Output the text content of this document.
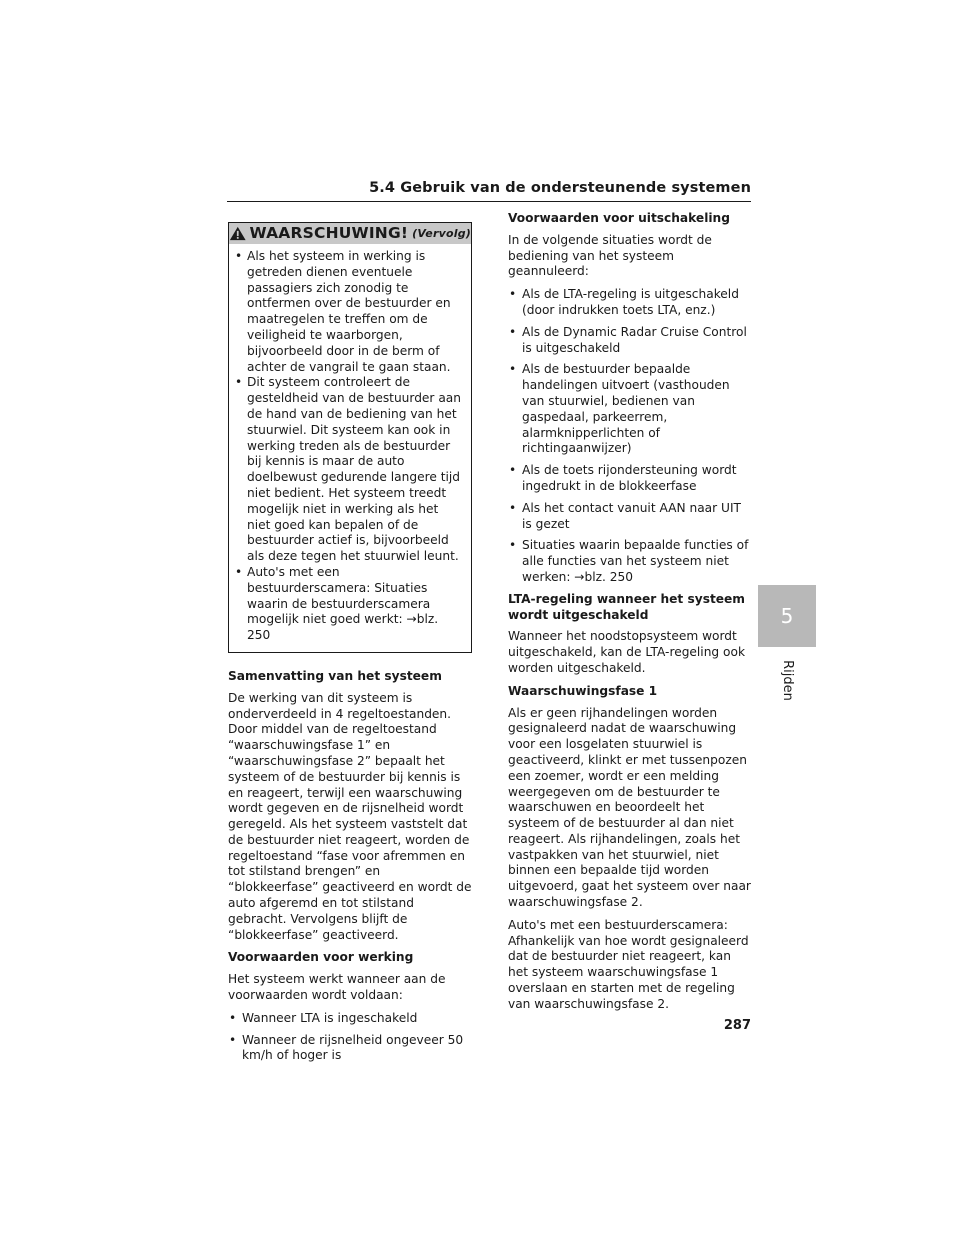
5.4 Gebruik van de ondersteunende systemen
5
Rijden
WAARSCHUWING! (Vervolg)
• Als het systeem in werking is getreden dienen eventuele passagiers zich zonodig te ontfermen over de bestuurder en maatregelen te treffen om de veiligheid te waarborgen, bijvoorbeeld door in de berm of achter de vangrail te gaan staan.
• Dit systeem controleert de gesteldheid van de bestuurder aan de hand van de bediening van het stuurwiel. Dit systeem kan ook in werking treden als de bestuurder bij kennis is maar de auto doelbewust gedurende langere tijd niet bedient. Het systeem treedt mogelijk niet in werking als het niet goed kan bepalen of de bestuurder actief is, bijvoorbeeld als deze tegen het stuurwiel leunt.
• Auto's met een bestuurderscamera: Situaties waarin de bestuurderscamera mogelijk niet goed werkt: →blz. 250
Samenvatting van het systeem

De werking van dit systeem is onderverdeeld in 4 regeltoestanden. Door middel van de regeltoestand “waarschuwingsfase 1” en “waarschuwingsfase 2” bepaalt het systeem of de bestuurder bij kennis is en reageert, terwijl een waarschuwing wordt gegeven en de rijsnelheid wordt geregeld. Als het systeem vaststelt dat de bestuurder niet reageert, worden de regeltoestand “fase voor afremmen en tot stilstand brengen” en “blokkeerfase” geactiveerd en wordt de auto afgeremd en tot stilstand gebracht. Vervolgens blijft de “blokkeerfase” geactiveerd.

Voorwaarden voor werking

Het systeem werkt wanneer aan de voorwaarden wordt voldaan:

• Wanneer LTA is ingeschakeld
• Wanneer de rijsnelheid ongeveer 50 km/h of hoger is
Voorwaarden voor uitschakeling

In de volgende situaties wordt de bediening van het systeem geannuleerd:

• Als de LTA-regeling is uitgeschakeld (door indrukken toets LTA, enz.)
• Als de Dynamic Radar Cruise Control is uitgeschakeld
• Als de bestuurder bepaalde handelingen uitvoert (vasthouden van stuurwiel, bedienen van gaspedaal, parkeerrem, alarmknipperlichten of richtingaanwijzer)
• Als de toets rijondersteuning wordt ingedrukt in de blokkeerfase
• Als het contact vanuit AAN naar UIT is gezet
• Situaties waarin bepaalde functies of alle functies van het systeem niet werken: →blz. 250
LTA-regeling wanneer het systeem wordt uitgeschakeld

Wanneer het noodstopsysteem wordt uitgeschakeld, kan de LTA-regeling ook worden uitgeschakeld.

Waarschuwingsfase 1

Als er geen rijhandelingen worden gesignaleerd nadat de waarschuwing voor een losgelaten stuurwiel is geactiveerd, klinkt er met tussenpozen een zoemer, wordt er een melding weergegeven om de bestuurder te waarschuwen en beoordeelt het systeem of de bestuurder al dan niet reageert. Als rijhandelingen, zoals het vastpakken van het stuurwiel, niet binnen een bepaalde tijd worden uitgevoerd, gaat het systeem over naar waarschuwingsfase 2.

Auto's met een bestuurderscamera: Afhankelijk van hoe wordt gesignaleerd dat de bestuurder niet reageert, kan het systeem waarschuwingsfase 1 overslaan en starten met de regeling van waarschuwingsfase 2.

287
